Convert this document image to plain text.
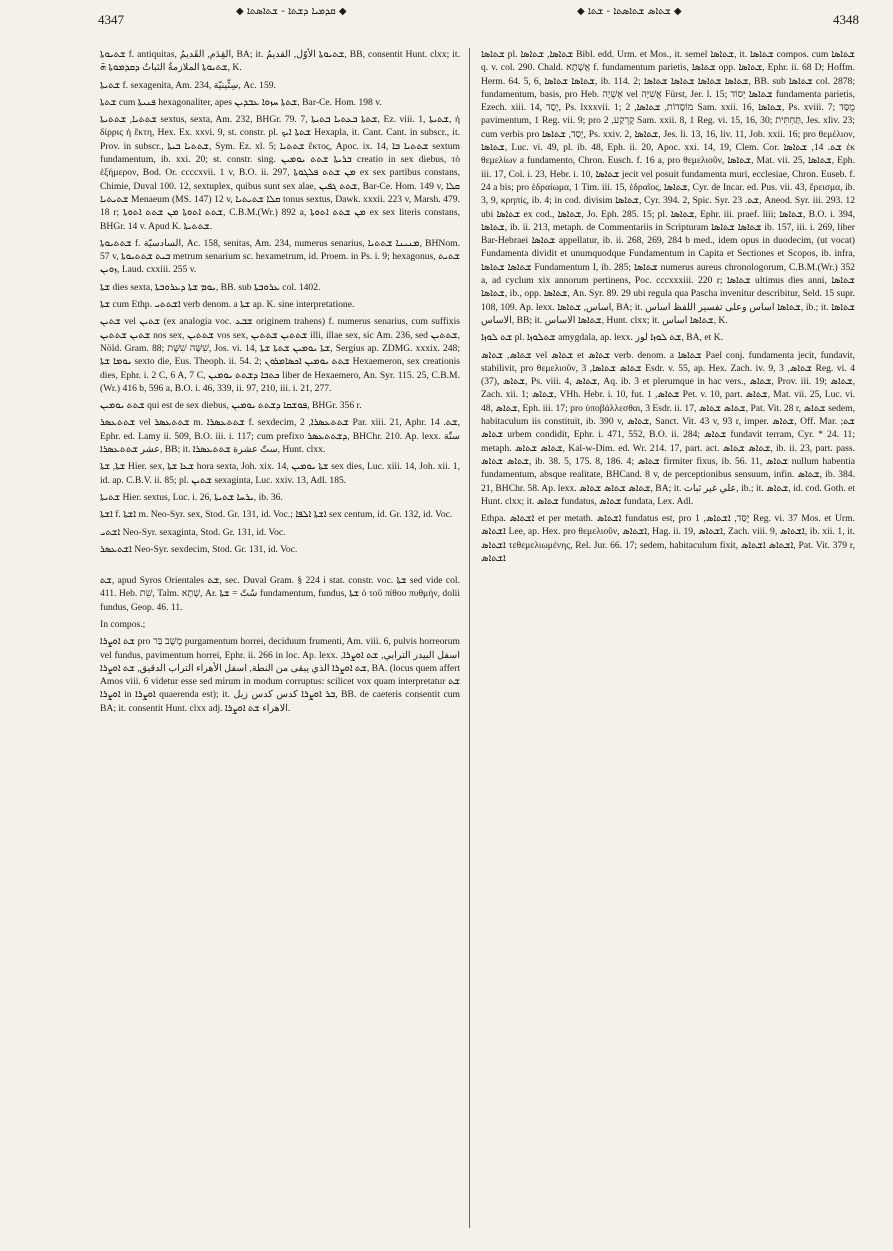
4347
◆ ܩܕܡܝܐ ܕܫܬܐ - ܫܬܐܣܬܐ ◆	◆ ܫܬܐܣ ܫܬܐܣܬܐ - ܫܬܐ ◆
4348

ܫܬܝܘܬܐ f. antiquitas, القِدَم, القَديمُ, BA; it. ܫܬܝܘܬܐ الأوّل, القديمُ, BB, consentit Hunt. clxx; it. ܫܬܝܘܬܐ الملازمةُ الثباتُ ܕܩܕܡܘܬܐ ܗ̈, K.

ܫܬܝܬܐ f. sexagenita, Am. 234, سِتِّينيّة, Ac. 159.

ܫܬܬܐ cum ܦܢܝܬܐ hexagonaliter, apes ܫܬܬܐ ܚܙܘܐ ܥܒܕܝܢ, Bar-Ce. Hom. 198 v.

ܫܬܬܝܐ, ܫܬܬܝܬܐ sextus, sexta, Am. 232, BHGr. 79. 7, ܫܬܬܐ ܒܥܬܝܐ ܒܬܝܬܐ, Ez. viii. 1, ܫܬܝܬܐ, ἡ δίρρις ἡ ἔκτη, Hex. Ex. xxvi. 9, st. constr. pl. ܫܬܬܐ ܐܝܟ Hexapla, it. Cant. Cant. in subscr., it. Prov. in subscr., ܫܬܬܝܐ ܒܝܬܐ, Sym. Ez. xl. 5; ܫܬܬܝܐ ἕκτος, Apoc. ix. 14, ܫܬܬܝܐ ܒܐ sextum fundamentum, ib. xxi. 20; st. constr. sing. ܒܪܝܬܐ ܫܬܬ ܝܘܡܝܢ creatio in sex diebus, τὸ ἑξήμερον, Bod. Or. ccccxvii. 1 v, B.O. ii. 297, ܡܢ ܫܬܬ ܦܠܓܘܬܐ ex sex partibus constans, Chimie, Duval 100. 12, sextuplex, quibus sunt sex alae, ܫܬܬ ܓܦܝܢ, Bar-Ce. Hom. 149 v, ܩܠܐ ܫܬܝܬܝܐ Menaeum (MS. 147) 12 v, ܩܠܐ ܫܬܝܬܝܐ tonus sextus, Dawk. xxxii. 223 v, Marsh. 479. 18 r; ܫܬܬ ܐܬܘܬܐ ܡܢ ܫܬܬ ܐܬܘܬܐ, C.B.M.(Wr.) 892 a, ܡܢ ܫܬܬ ܐܬܘܬܐ ex sex literis constans, BHGr. 14 v. Apud K. ܫܬܬܝܬܐ.

ܫܬܬܝܘܬܐ f. السادسيّة, Ac. 158, senitas, Am. 234, numerus senarius, ܡܢܝܢܐ ܫܬܬܝܐ, BHNom. 57 v, ܒܝܬ ܫܬܬܝܘܬܐ metrum senarium sc. hexametrum, id. Proem. in Ps. i. 9; hexagonus, ܫܬܝܬ ܙܘܝܢ, Laud. cxxiii. 255 v.

ܫܬܐ dies sexta, ܝܘܡ ܫܬܐ ܕܥܪܘܒܬܐ, BB. sub ܥܪܘܒܬܐ col. 1402.

ܫܬܐ cum Ethp. ܐܫܬܬܝ verb denom. a ܫܬܐ ap. K. sine interpretatione.

ܫܬܝܢ vel ܫܬܝܢ (ex analogia voc. ܫܒܥ originem trahens) f. numerus senarius, cum suffixis ܫܬܝܢ ܫܬܬܝܢ nos sex, ܫܬܬܝܢ vos sex, ܫܬܬܝܢ ܫܬܬܝܢ illi, illae sex, sic Am. 236, sed ܫܬܬܝܢ, Nöld. Gram. 88; שִׁשָּׁה שִׁשֶּׁת, Jos. vi. 14, ܫܬܐ ܝܘܡܝܢ ܫܬܬܐ ܫܬܐ, Sergius ap. ZDMG. xxxix. 248; ܝܘܡܐ ܫܬܐ sexto die, Eus. Theoph. ii. 54. 2; ܫܬܬ ܝܘܡܝܢ ܐܟܣܐܡܪܘܢ Hexaemeron, sex creationis dies, Ephr. i. 2 C, 6 A, 7 C, ܟܬܒܐ ܕܫܬܬ ܝܘܡܝܢ liber de Hexaemero, An. Syr. 115. 25, C.B.M.(Wr.) 416 b, 596 a, B.O. i. 46, 339, ii. 97, 210, iii. i. 21, 277.

ܫܬܬ ܝܘܡܝܢ qui est de sex diebus, ܦܘܫܩܐ ܕܫܬܬ ܝܘܡܝܢ, BHGr. 356 r.

ܫܬܬܥܣܪ vel ܫܬܬܥܣܪ m. ܫܬܬܥܣܪܐ f. sexdecim, ܫܬܬܥܣܪܐ, 2 Par. xiii. 21, Aphr. ܫܬ. 14, Ephr. ed. Lamy ii. 509, B.O. iii. i. 117; cum prefixo ܕܫܬܬܥܣܪ, BHChr. 210. Ap. lexx. ستّة عشر ܫܬܬܥܣܪܐ, BB; it. ستّ عشرة ܫܬܬܥܣܪܐ, Hunt. clxx.

ܫܬܐ, ܫܬܐ Hier. sex, ܫܥܐ ܫܬܐ hora sexta, Joh. xix. 14, ܫܬܐ ܝܘܡܝܢ sex dies, Luc. xiii. 14, Joh. xii. 1, id. ap. C.B.V. ii. 85; pl. ܫܬܝܢ sexaginta, Luc. xxiv. 13, Adl. 185.

ܫܬܝܬܐ Hier. sextus, Luc. i. 26, ܝܪܚܐ ܫܬܝܬܐ, ib. 36.

ܐܫܬܐ f. ܐܫܬܐ m. Neo-Syr. sex, Stod. Gr. 131, id. Voc.; ܐܫܬܐ ܐܠܦܐ sex centum, id. Gr. 132, id. Voc.

ܐܫܬܝ Neo-Syr. sexaginta, Stod. Gr. 131, id. Voc.

ܐܫܬܥܣܪ Neo-Syr. sexdecim, Stod. Gr. 131, id. Voc.

ܫܬ, apud Syros Orientales ܫܬ, sec. Duval Gram. § 224 i stat. constr. voc. ܫܬܐ sed vide col. 411. Heb. שֵׁת, Talm. שְׁתָא, Ar. سُتّ = ܫܬܐ fundamentum, fundus, ܫܬܐ ὁ τοῦ πίθου πυθμήν, dolii fundus, Geop. 46. 11.

In compos.;

ܫܬ ܐܘܨܪܐ pro מֶשֶׁב בַּר purgamentum horrei, deciduum frumenti, Am. viii. 6, pulvis horreorum vel fundus, pavimentum horrei, Ephr. ii. 266 in loc. Ap. lexx. اسفل البيدر الترابي, ܫܬ ܐܘܨܪܐ, ܫܬ ܐܘܨܪܐ الذي يبقى من النطة, اسفل الأهراء التراب الدقيق, ܫܬ ܐܘܨܪܐ, BA. (locus quem affert Amos viii. 6 videtur esse sed mirum in modum corruptus: scilicet vox quam interpretatur ܫܬ ܐܘܨܪܐ in ܐܘܨܪܐ quaerenda est); it. ܒܪ ܐܘܨܪܐ كدس كدس زبل, BB. de caeteris consentit cum BA; it. consentit Hunt. clxx adj. الاهراء ܫܬ ܐܘܨܪܐ.

ܫܬܐܣܐ pl. ܫܬܐܣܐ, ܫܬܐܣܐ Bibl. edd. Urm. et Mos., it. semel ܫܬܐܣܐ, it. ܫܬܐܣܐ compos. cum ܫܬܐܣܐ q. v. col. 290. Chald. אֲשָׁתָא f. fundamentum parietis, ܫܬܐܣܐ opp. ܫܬܐܣܐ, Ephr. ii. 68 D; Hoffm. Herm. 64. 5, 6, ܫܬܐܣܐ ܫܬܐܣܐ, ib. 114. 2; ܫܬܐܣܐ ܫܬܐܣܐ ܫܬܐܣܐ ܫܬܐܣܐ, BB. sub ܫܬܐܣܐ col. 2878; fundamentum, basis, pro Heb. אָשְׁיָה vel אֲשִׁיָּה Fürst, Jer. l. 15; ܫܬܐܣܐ יְסוֹד fundamenta parietis, Ezech. xiii. 14, יָסַד, Ps. lxxxvii. 1; מוֹסָדוֹת, ܫܬܐܣܐ, 2 Sam. xxii. 16, ܫܬܐܣܐ, Ps. xviii. 7; מֻסַּד pavimentum, 1 Reg. vii. 9; pro קָרְקַע, 2 Sam. xxii. 8, 1 Reg. vi. 15, 16, 30; תַּחְתִּית, Jes. xliv. 23; cum verbis pro יָסַד, ܫܬܐܣܐ, Ps. xxiv. 2, ܫܬܐܣܐ, Jes. li. 13, 16, liv. 11, Job. xxii. 16; pro θεμέλιον, ܫܬܐܣܐ, Luc. vi. 49, pl. ib. 48, Eph. ii. 20, Apoc. xxi. 14, 19, Clem. Cor. ܫܬ. 14, ܫܬܐܣܐ ἐκ θεμελίων a fundamento, Chron. Eusch. f. 16 a, pro θεμελιοῦν, ܫܬܐܣܐ, Mat. vii. 25, ܫܬܐܣܐ, Eph. iii. 17, Col. i. 23, Hebr. i. 10, ܫܬܐܣܐ jecit vel posuit fundamenta muri, ecclesiae, Chron. Euseb. f. 24 a bis; pro ἑδραίωμα, 1 Tim. iii. 15, ἑδραῖος, ܫܬܐܣܐ, Cyr. de Incar. ed. Pus. vii. 43, ἔρεισμα, ib. 3, 9, κρηπίς, ib. 4; in cod. divisim ܫܬܐܣܐ, Cyr. 394. 2, Spic. Syr. ܫܬ. 23, Aneod. Syr. iii. 293. 12 ubi ܫܬܐܣܐ ex cod., ܫܬܐܣܐ, Jo. Eph. 285. 15; pl. ܫܬܐܣܐ, Ephr. iii. praef. liii; ܫܬܐܣܐ, B.O. i. 394, ܫܬܐܣܐ, ib. ii. 213, metaph. de Commentariis in Scripturam ܫܬܐܣܐ ܫܬܐܣܐ ib. 157, iii. i. 269, liber Bar-Hebraei ܫܬܐܣܐ appellatur, ib. ii. 268, 269, 284 b med., idem opus in duodecim, (ut vocat) Fundamenta dividit et unumquodque Fundamentum in Capita et Sectiones et Scopos, ib. infra, ܫܬܐܣܐ ܫܬܐܣܐ Fundamentum I, ib. 285; ܫܬܐܣܐ numerus aureus chronologorum, C.B.M.(Wr.) 352 a, ad cyclum xix annorum pertinens, Poc. cccxxxiii. 220 r; ܫܬܐܣܐ ultimus dies anni, ܫܬܐܣܐ ܫܬܐܣܐ, ib., opp. ܫܬܐܣܐ, An. Syr. 89. 29 ubi regula qua Pascha invenitur describitur, Seld. 15 supr. 108, 109. Ap. lexx. اساس, ܫܬܐܣܐ, BA; it. ܫܬܐܣܐ اساس وعلى تفسير اللفظ اساس, ib.; it. ܫܬܐܣܐ الاساس, BB; it. ܫܬܐܣܐ الاساس, Hunt. clxx; it. ܫܬܐܣܐ اساس, K.

ܫܬ ܠܘܙܐ pl. ܫܬܠܘܙܐ amygdala, ap. lexx. ܫܬ ܠܘܙܐ لوز, BA, et K.

ܫܬܐܣ, ܫܬܐܣ vel ܫܬܐܣ et ܫܬܐܣ verb. denom. a ܫܬܐܣܐ Pael conj. fundamenta jecit, fundavit, stabilivit, pro θεμελιοῦν, ܫܬܐܣ ܫܬܐܣܐ, 3 Esdr. v. 55, ap. Hex. Zach. iv. 9, ܫܬܐܣ, 3 Reg. vi. 4 (37), ܫܬܐܣ, Ps. viii. 4, ܫܬܐܣ, Aq. ib. 3 et plerumque in hac vers., ܫܬܐܣ, Prov. iii. 19; ܫܬܐܣ, Zach. xii. 1; ܫܬܐܣ, VHh. Hebr. i. 10, fut. ܫܬܐܣ, 1 Pet. v. 10, part. ܫܬܐܣ, Mat. vii. 25, Luc. vi. 48, ܫܬܐܣ, Eph. iii. 17; pro ὑποβάλλεσθαι, 3 Esdr. ii. 17, ܫܬܐܣ ܫܬܐܣ, Pat. Vit. 28 r, ܫܬܐܣ sedem, habitaculum iis constituit, ib. 390 v, ܫܬܐܣ, Sanct. Vit. 43 v, 93 r, imper. ܫܬܐܣ, Off. Mar. ܫܬ; ܫܬܐܣ urbem condidit, Ephr. i. 471, 552, B.O. ii. 284; ܫܬܐܣ fundavit terram, Cyr. * 24. 11; metaph. ܫܬܐܣ ܫܬܐܣ, Kal-w-Dim. ed. Wr. 214. 17, part. act. ܫܬܐܣ ܫܬܐܣ, ib. ii. 23, part. pass. ܫܬܐܣ ܫܬܐܣ, ib. 38. 5, 175. 8, 186. 4; ܫܬܐܣ firmiter fixus, ib. 56. 11, ܫܬܐܣ nullum habentia fundamentum, absque realitate, BHCand. 8 v, de perceptionibus sensuum, infin. ܫܬܐܣ, ib. 384. 21, BHChr. 58. Ap. lexx. ܫܬܐܣ ܫܬܐܣ ܫܬܐܣ, BA; it. علي غير ثبات, ib.; it. ܫܬܐܣ, id. cod. Goth. et Hunt. clxx; it. ܫܬܐܣ fundatus, ܫܬܐܣ fundata, Lex. Adl.

Ethpa. ܐܫܬܐܣ et per metath. ܐܫܬܐܣ fundatus est, pro יֻסַּד, ܐܫܬܐܣ, 1 Reg. vi. 37 Mos. et Urm. ܐܫܬܐܣ Lee, ap. Hex. pro θεμελιοῦν, ܐܫܬܐܣ, Hag. ii. 19, ܐܫܬܐܣ, Zach. viii. 9, ܐܫܬܐܣ, ib. xii. 1, it. ܐܫܬܐܣ τεθεμελιωμένης, Rel. Jur. 66. 17; sedem, habitaculum fixit, ܐܫܬܐܣ ܐܫܬܐܣ, Pat. Vit. 379 r, ܐܫܬܐܣ
